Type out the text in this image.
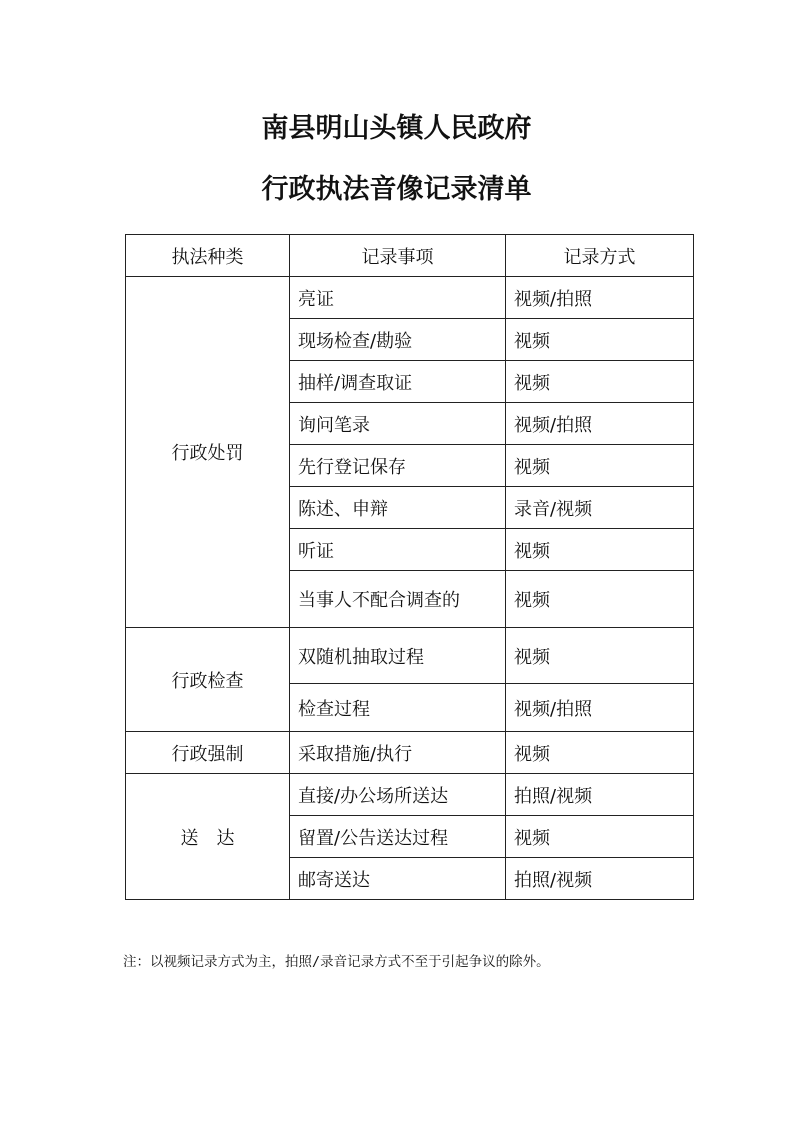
南县明山头镇人民政府
行政执法音像记录清单
执法种类	记录事项	记录方式
行政处罚	亮证	视频/拍照
	现场检查/勘验	视频
	抽样/调查取证	视频
	询问笔录	视频/拍照
	先行登记保存	视频
	陈述、申辩	录音/视频
	听证	视频
	当事人不配合调查的	视频
行政检查	双随机抽取过程	视频
	检查过程	视频/拍照
行政强制	采取措施/执行	视频
送　达	直接/办公场所送达	拍照/视频
	留置/公告送达过程	视频
	邮寄送达	拍照/视频
注：以视频记录方式为主，拍照/录音记录方式不至于引起争议的除外。
